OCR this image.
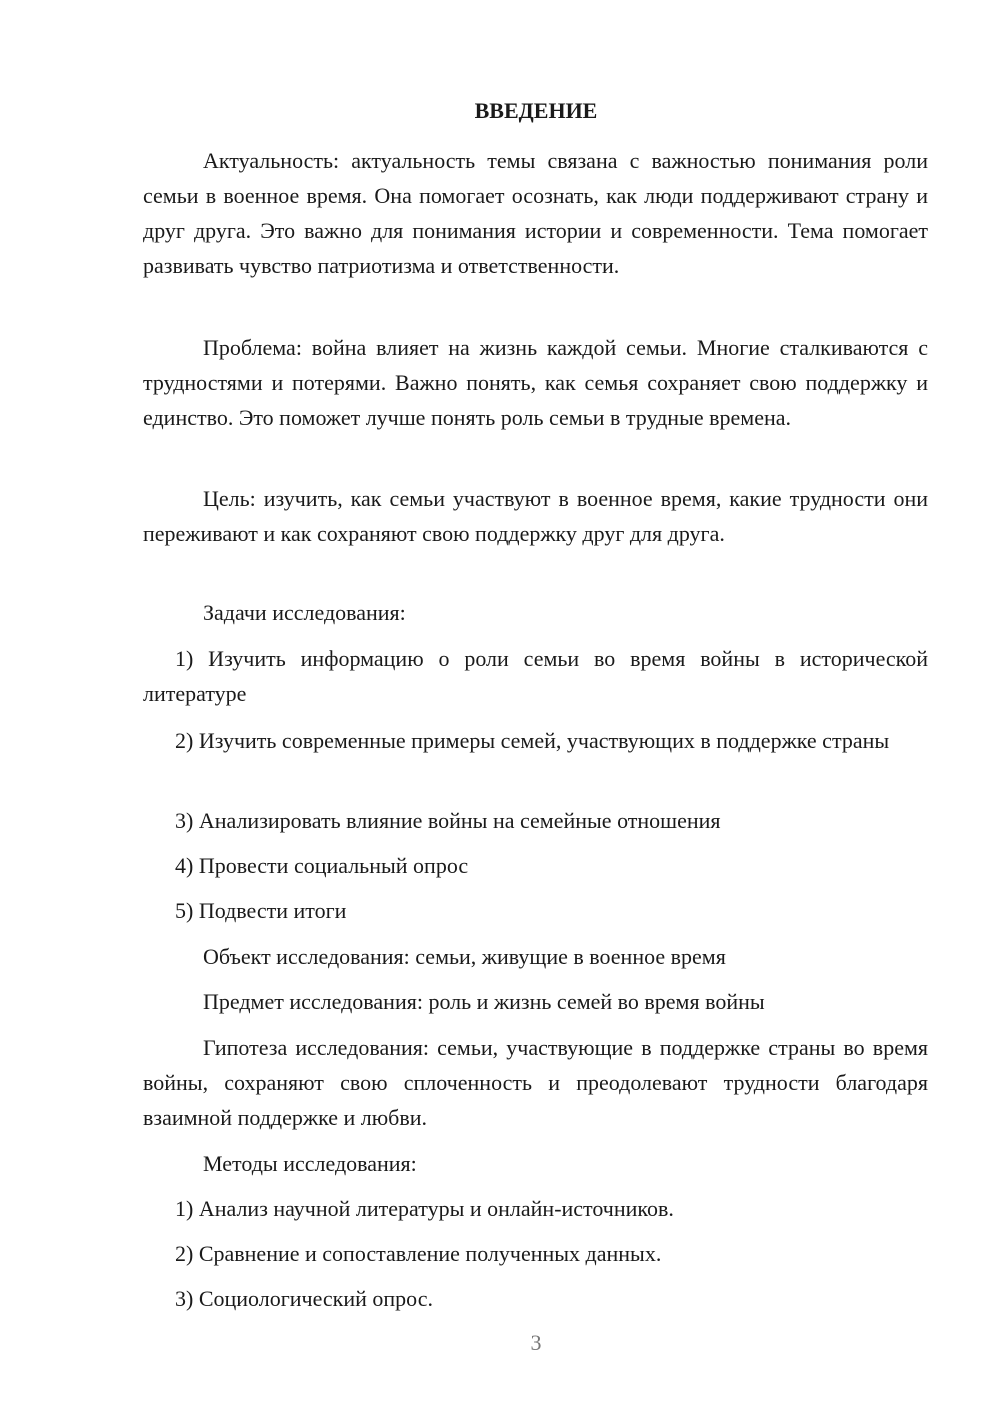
ВВЕДЕНИЕ
Актуальность: актуальность темы связана с важностью понимания роли семьи в военное время. Она помогает осознать, как люди поддерживают страну и друг друга. Это важно для понимания истории и современности. Тема помогает развивать чувство патриотизма и ответственности.
Проблема: война влияет на жизнь каждой семьи. Многие сталкиваются с трудностями и потерями. Важно понять, как семья сохраняет свою поддержку и единство. Это поможет лучше понять роль семьи в трудные времена.
Цель: изучить, как семьи участвуют в военное время, какие трудности они переживают и как сохраняют свою поддержку друг для друга.
Задачи исследования:
1) Изучить информацию о роли семьи во время войны в исторической литературе
2) Изучить современные примеры семей, участвующих в поддержке страны
3) Анализировать влияние войны на семейные отношения
4) Провести социальный опрос
5) Подвести итоги
Объект исследования: семьи, живущие в военное время
Предмет исследования: роль и жизнь семей во время войны
Гипотеза исследования: семьи, участвующие в поддержке страны во время войны, сохраняют свою сплоченность и преодолевают трудности благодаря взаимной поддержке и любви.
Методы исследования:
1) Анализ научной литературы и онлайн-источников.
2) Сравнение и сопоставление полученных данных.
3) Социологический опрос.
3
